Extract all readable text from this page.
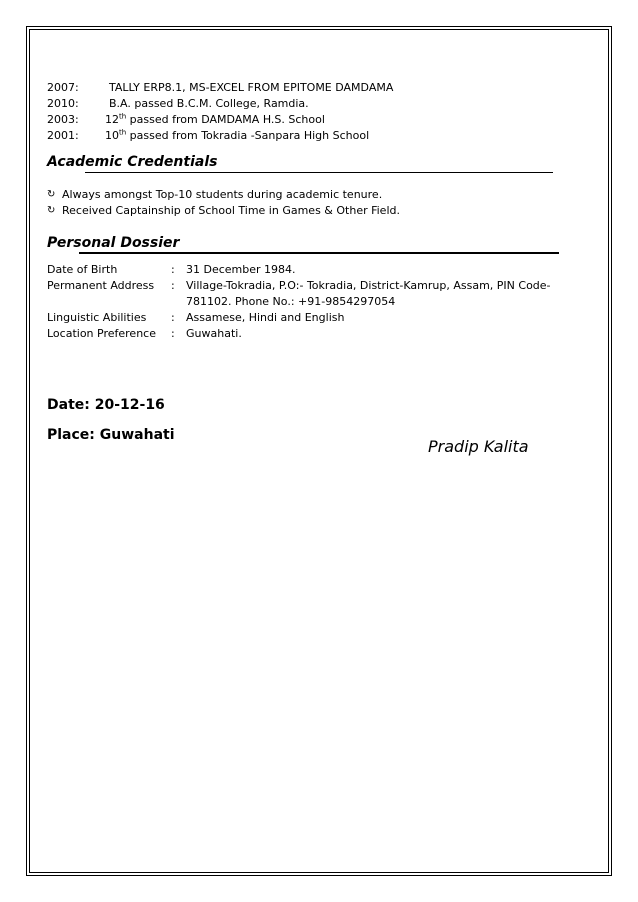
2007:	TALLY ERP8.1, MS-EXCEL FROM EPITOME DAMDAMA
2010:	B.A. passed B.C.M. College, Ramdia.
2003:	12th passed from DAMDAMA H.S. School
2001:	10th passed from Tokradia -Sanpara High School
Academic Credentials
↻ Always amongst Top-10 students during academic tenure.
↻ Received Captainship of School Time in Games & Other Field.
Personal Dossier
Date of Birth	:	31 December 1984.
Permanent Address	:	Village-Tokradia, P.O:- Tokradia, District-Kamrup, Assam, PIN Code-781102. Phone No.: +91-9854297054
Linguistic Abilities	:	Assamese, Hindi and English
Location Preference	:	Guwahati.
Date: 20-12-16
Place: Guwahati
Pradip Kalita
